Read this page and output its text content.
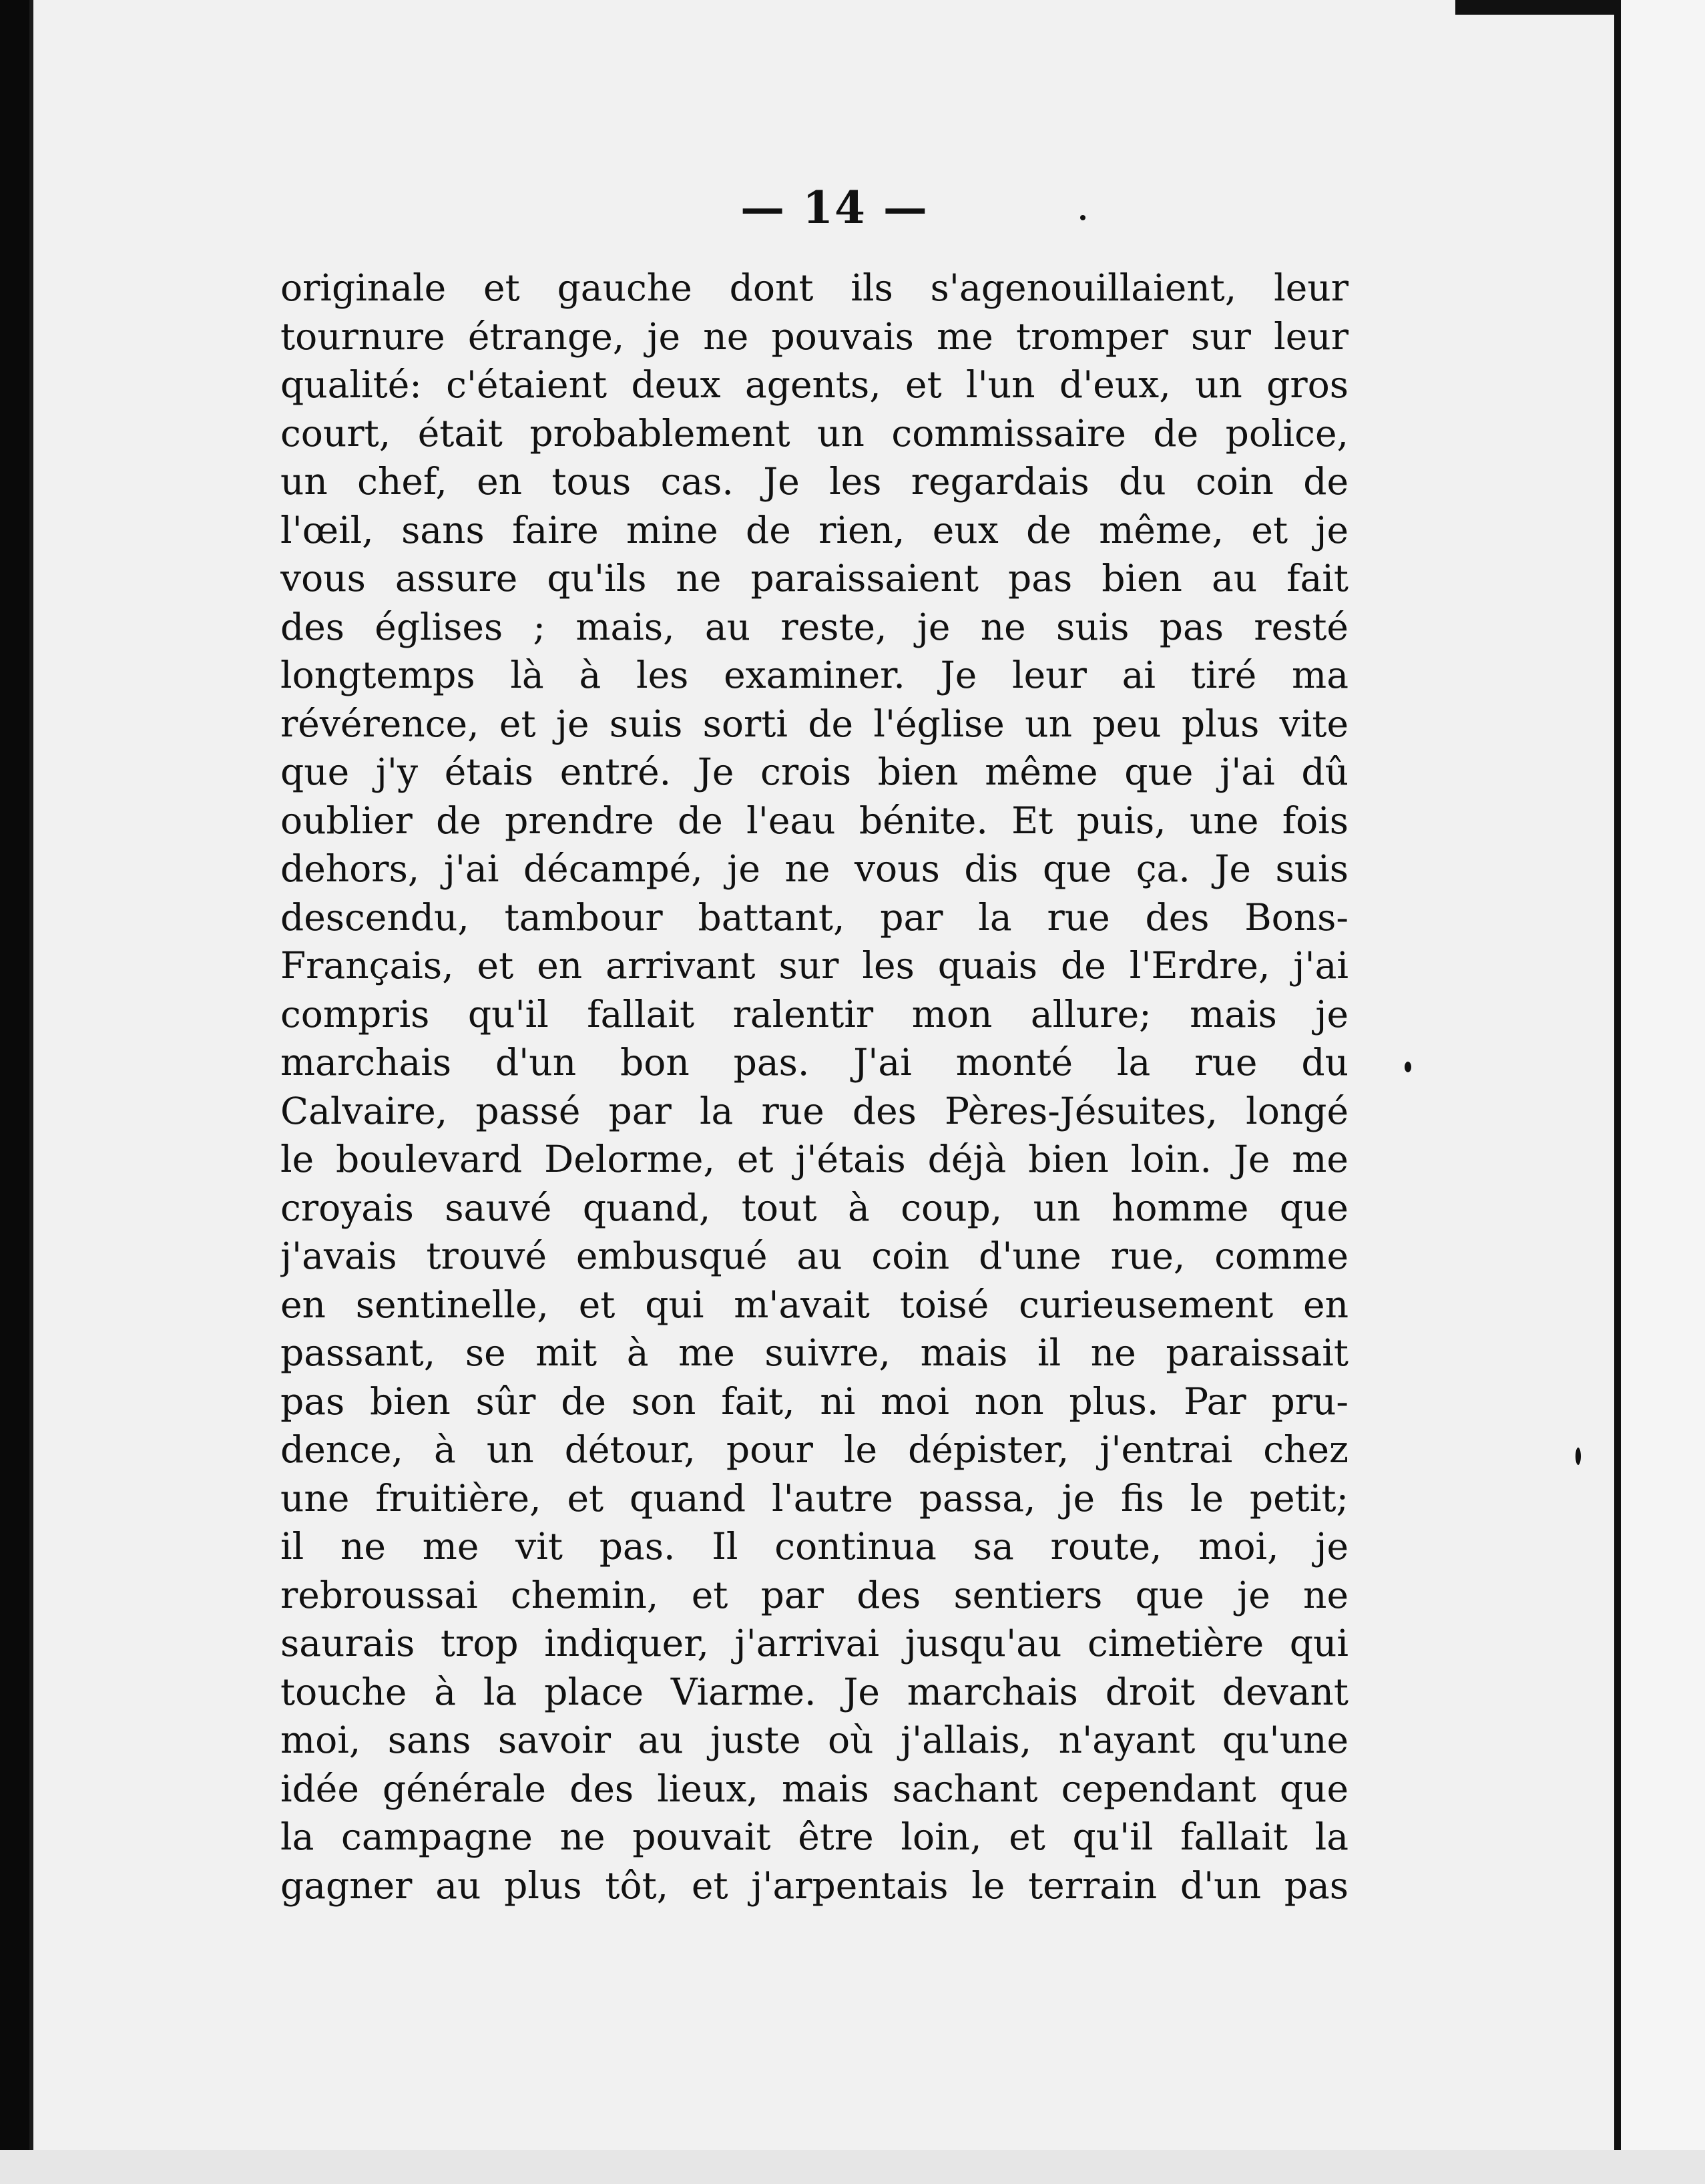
— 14 —
originale et gauche dont ils s'agenouillaient, leur
tournure étrange, je ne pouvais me tromper sur leur
qualité: c'étaient deux agents, et l'un d'eux, un gros
court, était probablement un commissaire de police,
un chef, en tous cas. Je les regardais du coin de
l'œil, sans faire mine de rien, eux de même, et je
vous assure qu'ils ne paraissaient pas bien au fait
des églises ; mais, au reste, je ne suis pas resté
longtemps là à les examiner. Je leur ai tiré ma
révérence, et je suis sorti de l'église un peu plus vite
que j'y étais entré. Je crois bien même que j'ai dû
oublier de prendre de l'eau bénite. Et puis, une fois
dehors, j'ai décampé, je ne vous dis que ça. Je suis
descendu, tambour battant, par la rue des Bons-
Français, et en arrivant sur les quais de l'Erdre, j'ai
compris qu'il fallait ralentir mon allure; mais je
marchais d'un bon pas. J'ai monté la rue du
Calvaire, passé par la rue des Pères-Jésuites, longé
le boulevard Delorme, et j'étais déjà bien loin. Je me
croyais sauvé quand, tout à coup, un homme que
j'avais trouvé embusqué au coin d'une rue, comme
en sentinelle, et qui m'avait toisé curieusement en
passant, se mit à me suivre, mais il ne paraissait
pas bien sûr de son fait, ni moi non plus. Par pru-
dence, à un détour, pour le dépister, j'entrai chez
une fruitière, et quand l'autre passa, je fis le petit;
il ne me vit pas. Il continua sa route, moi, je
rebroussai chemin, et par des sentiers que je ne
saurais trop indiquer, j'arrivai jusqu'au cimetière qui
touche à la place Viarme. Je marchais droit devant
moi, sans savoir au juste où j'allais, n'ayant qu'une
idée générale des lieux, mais sachant cependant que
la campagne ne pouvait être loin, et qu'il fallait la
gagner au plus tôt, et j'arpentais le terrain d'un pas
